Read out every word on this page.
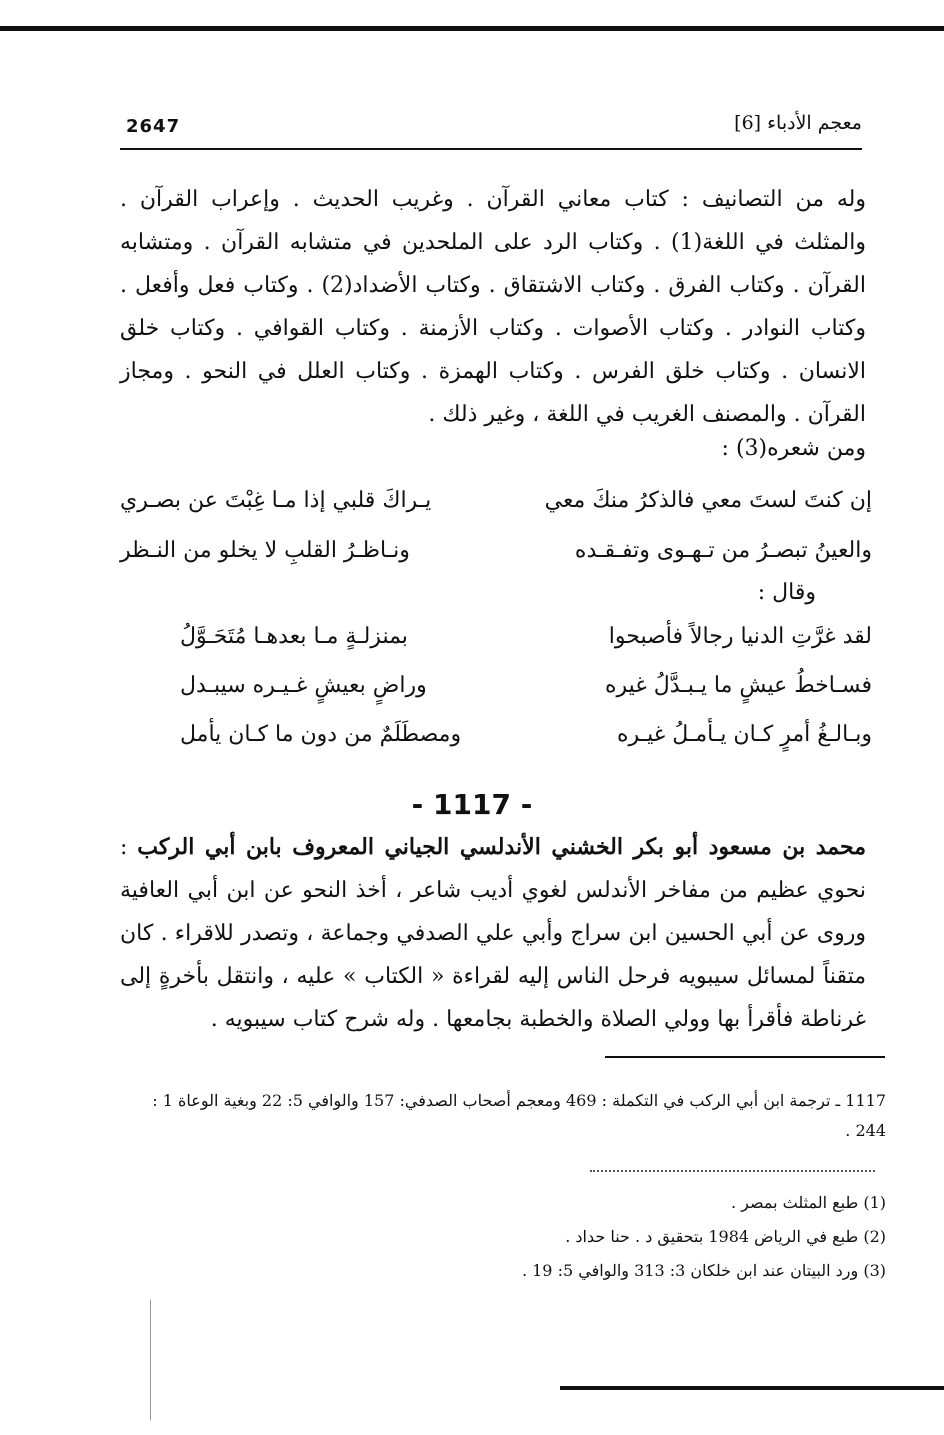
2647	معجم الأدباء [6]

وله من التصانيف : كتاب معاني القرآن . وغريب الحديث . وإعراب القرآن . والمثلث في اللغة(1) . وكتاب الرد على الملحدين في متشابه القرآن . ومتشابه القرآن . وكتاب الفرق . وكتاب الاشتقاق . وكتاب الأضداد(2) . وكتاب فعل وأفعل . وكتاب النوادر . وكتاب الأصوات . وكتاب الأزمنة . وكتاب القوافي . وكتاب خلق الانسان . وكتاب خلق الفرس . وكتاب الهمزة . وكتاب العلل في النحو . ومجاز القرآن . والمصنف الغريب في اللغة ، وغير ذلك .

ومن شعره(3) :
إن كنتَ لستَ معي فالذكرُ منكَ معي
يـراكَ قلبي إذا مـا غِبْتَ عن بصـري
والعينُ تبصـرُ من تـهـوى وتفـقـده
ونـاظـرُ القلبِ لا يخلو من النـظر
وقال :
لقد غرَّتِ الدنيا رجالاً فأصبحوا
بمنزلـةٍ مـا بعدهـا مُتَحَـوَّلُ
فسـاخطُ عيشٍ ما يـبـدَّلُ غيره
وراضٍ بعيشٍ غـيـره سيبـدل
وبـالـغُ أمرٍ كـان يـأمـلُ غيـره
ومصطَلَمٌ من دون ما كـان يأمل
- 1117 -

محمد بن مسعود أبو بكر الخشني الأندلسي الجياني المعروف بابن أبي الركب : نحوي عظيم من مفاخر الأندلس لغوي أديب شاعر ، أخذ النحو عن ابن أبي العافية وروى عن أبي الحسين ابن سراج وأبي علي الصدفي وجماعة ، وتصدر للاقراء . كان متقناً لمسائل سيبويه فرحل الناس إليه لقراءة « الكتاب » عليه ، وانتقل بأخرةٍ إلى غرناطة فأقرأ بها وولي الصلاة والخطبة بجامعها . وله شرح كتاب سيبويه .

1117 ـ ترجمة ابن أبي الركب في التكملة : 469 ومعجم أصحاب الصدفي: 157 والوافي 5: 22 وبغية الوعاة 1 : 244 .
(1) طبع المثلث بمصر .
(2) طبع في الرياض 1984 بتحقيق د . حنا حداد .
(3) ورد البيتان عند ابن خلكان 3: 313 والوافي 5: 19 .
